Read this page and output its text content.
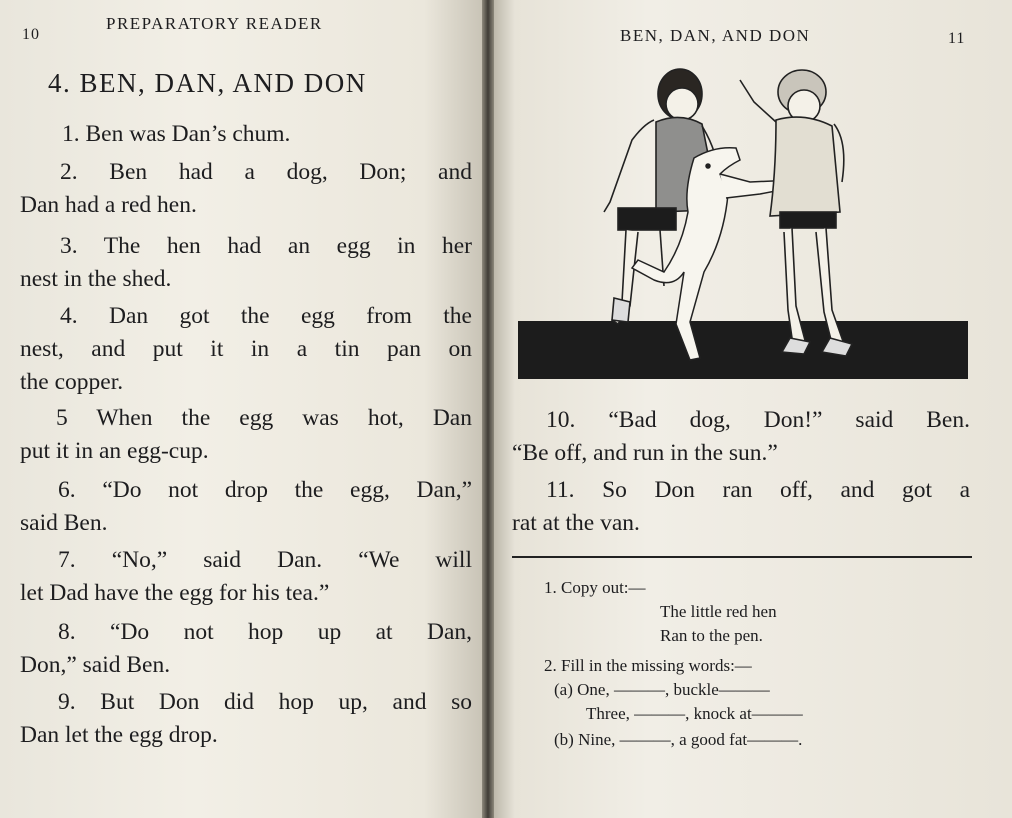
10
PREPARATORY READER
4. BEN, DAN, AND DON
1. Ben was Dan’s chum.
2. Ben had a dog, Don; and
Dan had a red hen.
3. The hen had an egg in her
nest in the shed.
4. Dan got the egg from the
nest, and put it in a tin pan on
the copper.
5 When the egg was hot, Dan
put it in an egg-cup.
6. “Do not drop the egg, Dan,”
said Ben.
7. “No,” said Dan. “We will
let Dad have the egg for his tea.”
8. “Do not hop up at Dan,
Don,” said Ben.
9. But Don did hop up, and so
Dan let the egg drop.
BEN, DAN, AND DON	11
10. “Bad dog, Don!” said Ben.
“Be off, and run in the sun.”
11. So Don ran off, and got a
rat at the van.
1. Copy out:—
The little red hen
Ran to the pen.
2. Fill in the missing words:—
(a) One, ———, buckle———
Three, ———, knock at———
(b) Nine, ———, a good fat———.
